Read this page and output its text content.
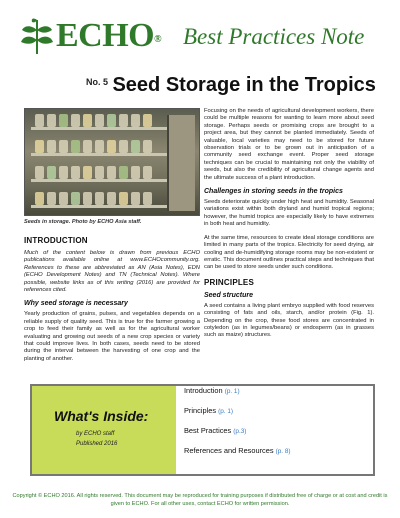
ECHO® Best Practices Note
$^{No. 5}$ Seed Storage in the Tropics
Seeds in storage. Photo by ECHO Asia staff.
INTRODUCTION

Much of the content below is drawn from previous ECHO publications available online at www.ECHOcommunity.org. References to these are abbreviated as AN (Asia Notes), EDN (ECHO Development Notes) and TN (Technical Notes). Where possible, website links as of this writing (2016) are provided for references cited.

Why seed storage is necessary

Yearly production of grains, pulses, and vegetables depends on a reliable supply of quality seed. This is true for the farmer growing a crop to feed their family as well as for the agricultural worker evaluating and growing out seeds of a new crop species or variety that could improve lives. In both cases, seeds need to be stored during the interval between the harvesting of one crop and the planting of another.

Focusing on the needs of agricultural development workers, there could be multiple reasons for wanting to learn more about seed storage. Perhaps seeds or promising crops are brought to a project area, but they cannot be planted immediately. Seeds of valuable, local varieties may need to be stored for future observation trials or to be grown out in anticipation of a community seed exchange event. Proper seed storage techniques can be crucial to maintaining not only the viability of seeds, but also the credibility of agricultural change agents and the ultimate success of a plant introduction.

Challenges in storing seeds in the tropics

Seeds deteriorate quickly under high heat and humidity. Seasonal variations exist within both dryland and humid tropical regions; however, the humid tropics are especially likely to have extremes in both heat and humidity.

At the same time, resources to create ideal storage conditions are limited in many parts of the tropics. Electricity for seed drying, air cooling and de-humidifying storage rooms may be non-existent or erratic. This document outlines practical steps and techniques that can be used to store seeds under such conditions.

PRINCIPLES
Seed structure

A seed contains a living plant embryo supplied with food reserves consisting of fats and oils, starch, and/or protein (Fig. 1). Depending on the crop, these food stores are concentrated in cotyledon (as in legumes/beans) or endosperm (as in grasses such as maize) structures.

What's Inside:
by ECHO staff
Published 2016
Introduction (p. 1)
Principles (p. 1)
Best Practices (p.3)
References and Resources (p. 8)
Copyright © ECHO 2016. All rights reserved. This document may be reproduced for training purposes if distributed free of charge or at cost and credit is given to ECHO. For all other uses, contact ECHO for written permission.
